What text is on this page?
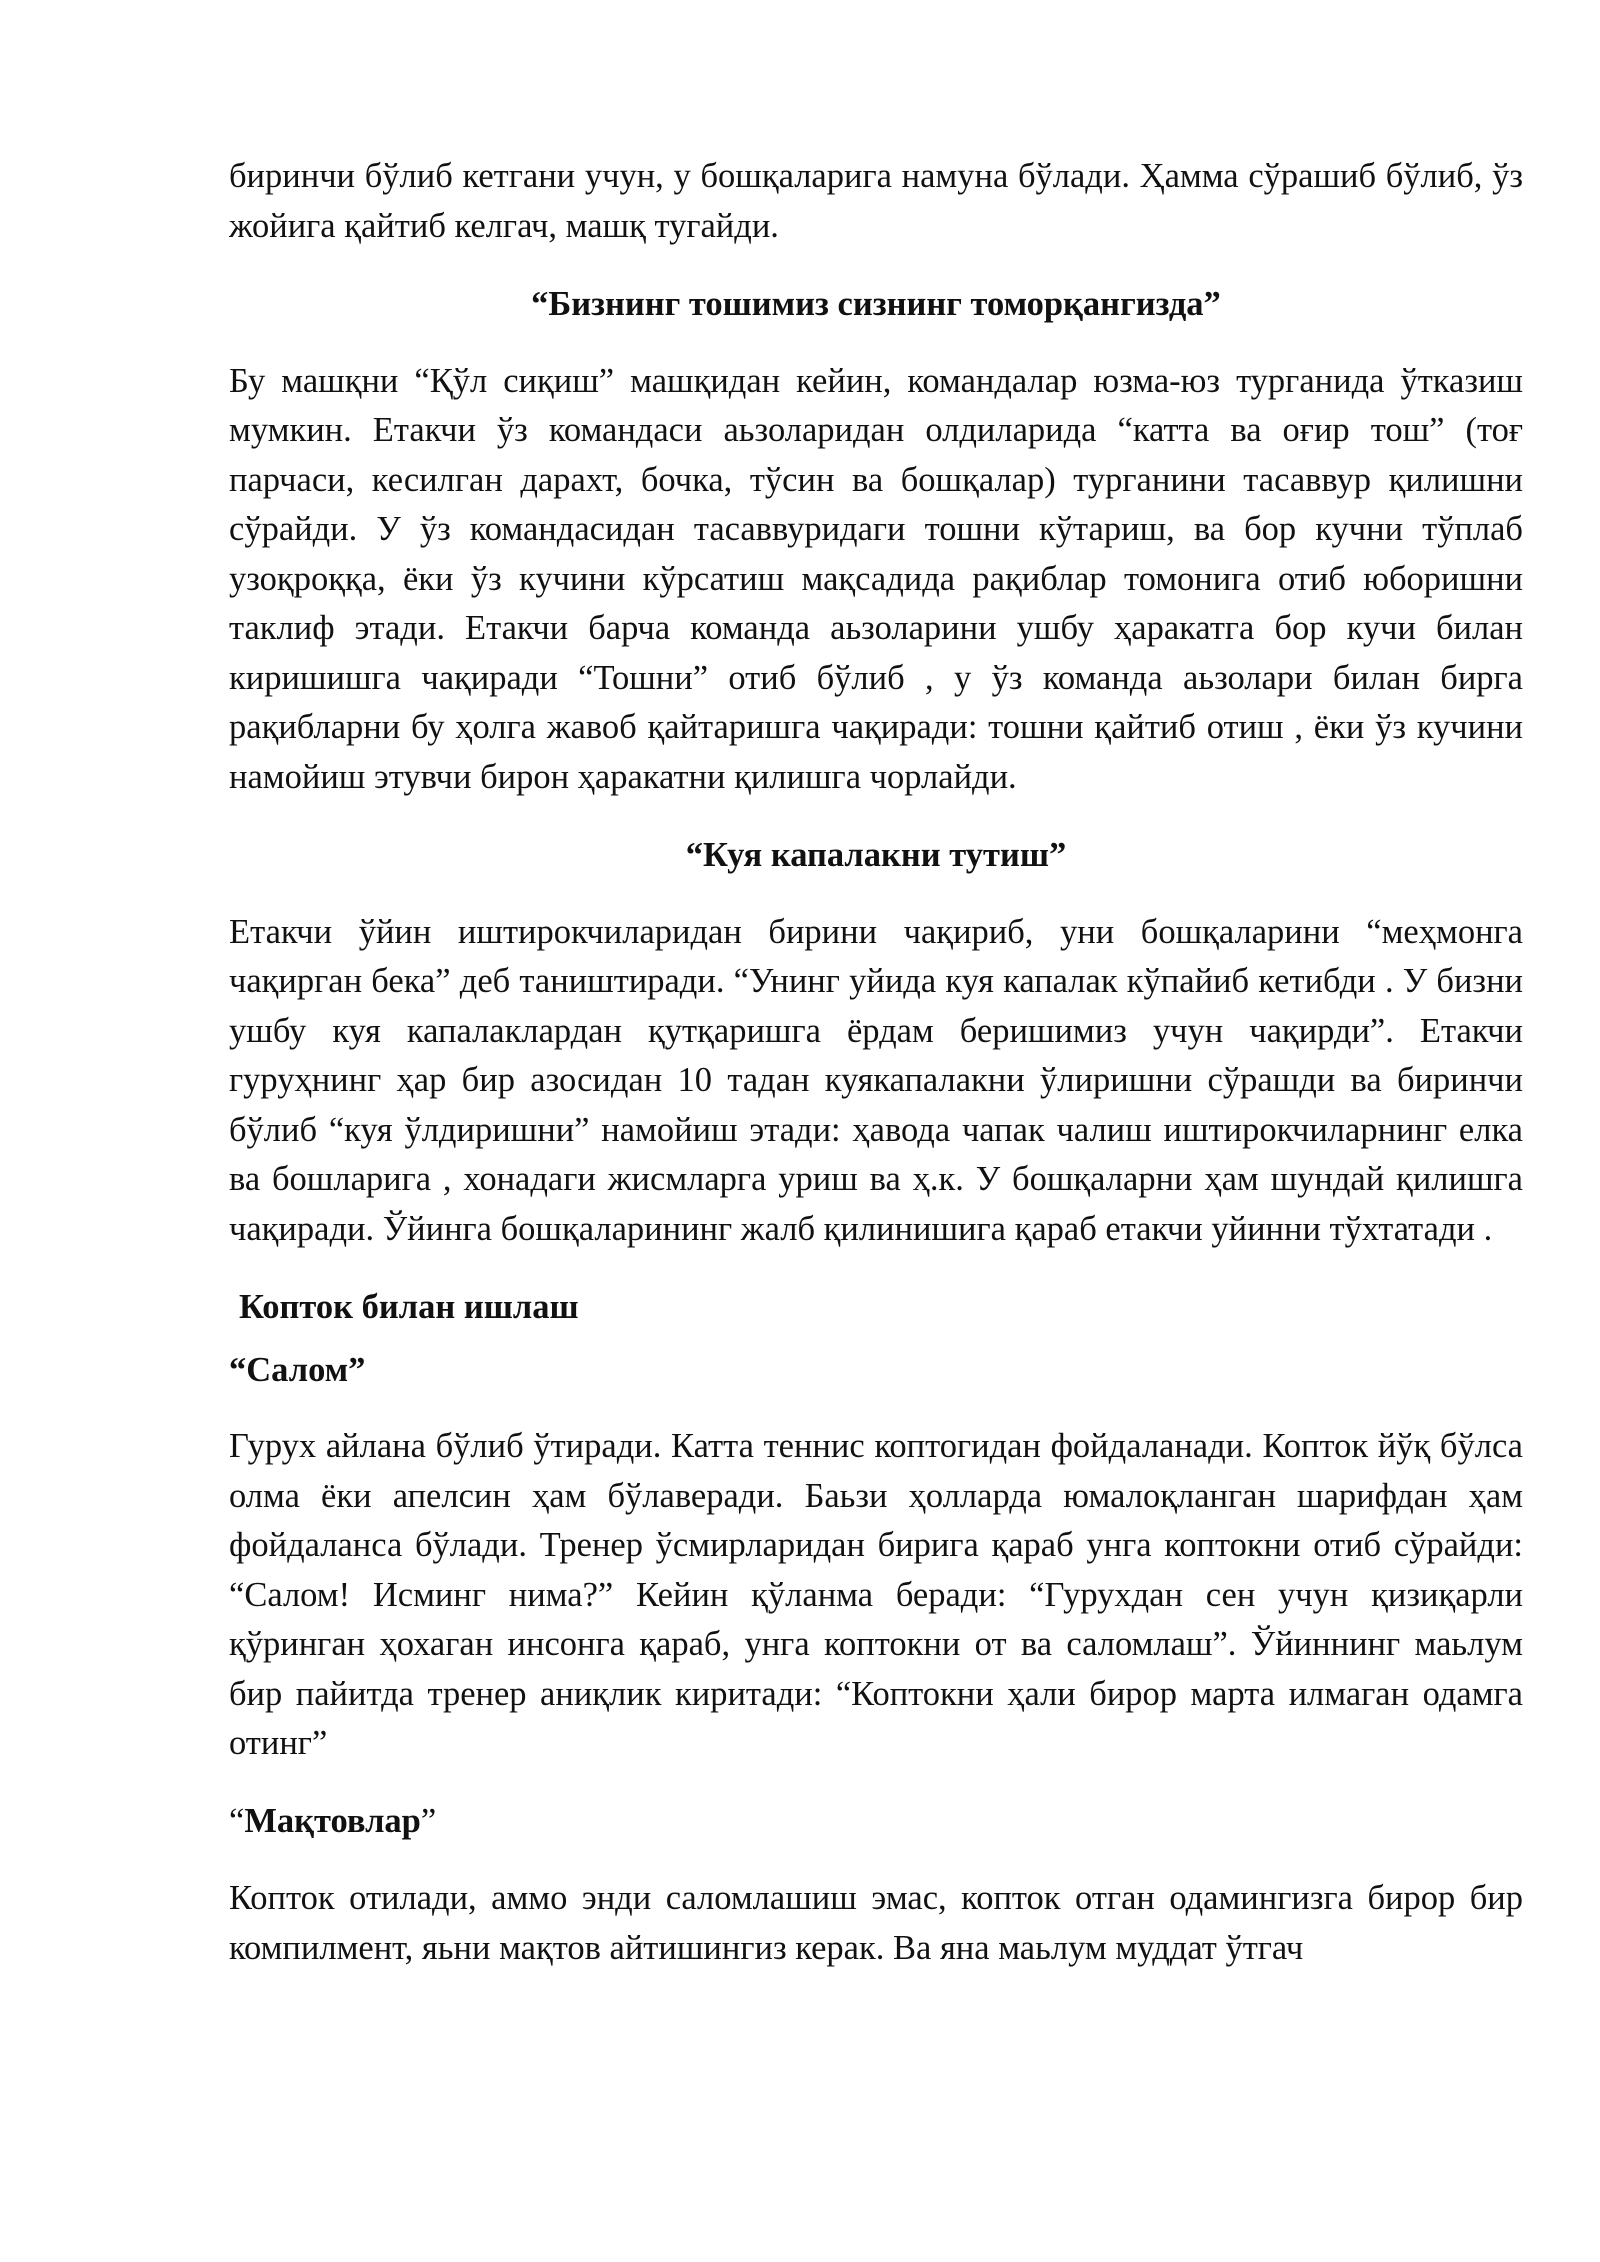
биринчи бўлиб кетгани учун, у бошқаларига намуна бўлади. Ҳамма сўрашиб бўлиб, ўз жойига қайтиб келгач, машқ тугайди.

“Бизнинг тошимиз сизнинг томорқангизда”

Бу машқни “Қўл сиқиш” машқидан кейин, командалар юзма-юз турганида ўтказиш мумкин. Етакчи ўз командаси аьзоларидан олдиларида “катта ва оғир тош” (тоғ парчаси, кесилган дарахт, бочка, тўсин ва бошқалар) турганини тасаввур қилишни сўрайди. У ўз командасидан тасаввуридаги тошни кўтариш, ва бор кучни тўплаб узоқроққа, ёки ўз кучини кўрсатиш мақсадида рақиблар томонига отиб юборишни таклиф этади. Етакчи барча команда аьзоларини ушбу ҳаракатга бор кучи билан киришишга чақиради “Тошни” отиб бўлиб , у ўз команда аьзолари билан бирга рақибларни бу ҳолга жавоб қайтаришга чақиради: тошни қайтиб отиш , ёки ўз кучини намойиш этувчи бирон ҳаракатни қилишга чорлайди.

“Куя капалакни тутиш”

Етакчи ўйин иштирокчиларидан бирини чақириб, уни бошқаларини “меҳмонга чақирган бека” деб таништиради. “Унинг уйида куя капалак кўпайиб кетибди . У бизни ушбу куя капалаклардан қутқаришга ёрдам беришимиз учун чақирди”. Етакчи гуруҳнинг ҳар бир азосидан 10 тадан куякапалакни ўлиришни сўрашди ва биринчи бўлиб “куя ўлдиришни” намойиш этади: ҳавода чапак чалиш иштирокчиларнинг елка ва бошларига , хонадаги жисмларга уриш ва ҳ.к. У бошқаларни ҳам шундай қилишга чақиради. Ўйинга бошқаларининг жалб қилинишига қараб етакчи уйинни тўхтатади .

Копток билан ишлаш

“Салом”

Гурух айлана бўлиб ўтиради. Катта теннис коптогидан фойдаланади. Копток йўқ бўлса олма ёки апелсин ҳам бўлаверади. Баьзи ҳолларда юмалоқланган шарифдан ҳам фойдаланса бўлади. Тренер ўсмирларидан бирига қараб унга коптокни отиб сўрайди: “Салом! Исминг нима?” Кейин қўланма беради: “Гурухдан сен учун қизиқарли қўринган ҳохаган инсонга қараб, унга коптокни от ва саломлаш”. Ўйиннинг маьлум бир пайитда тренер аниқлик киритади: “Коптокни ҳали бирор марта илмаган одамга отинг”

“Мақтовлар”

Копток отилади, аммо энди саломлашиш эмас, копток отган одамингизга бирор бир компилмент, яьни мақтов айтишингиз керак. Ва яна маьлум муддат ўтгач
